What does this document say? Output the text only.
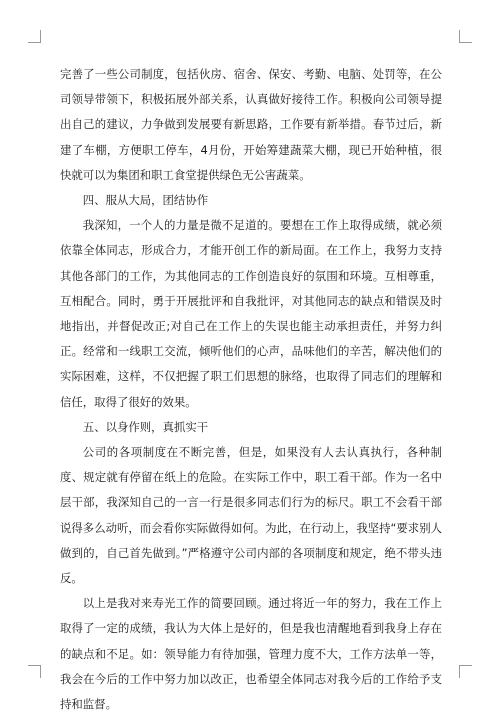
完善了一些公司制度，包括伙房、宿舍、保安、考勤、电脑、处罚等，在公司领导带领下，积极拓展外部关系，认真做好接待工作。积极向公司领导提出自己的建议，力争做到发展要有新思路，工作要有新举措。春节过后，新建了车棚，方便职工停车，4月份，开始筹建蔬菜大棚，现已开始种植，很快就可以为集团和职工食堂提供绿色无公害蔬菜。

四、服从大局，团结协作

我深知，一个人的力量是微不足道的。要想在工作上取得成绩，就必须依靠全体同志，形成合力，才能开创工作的新局面。在工作上，我努力支持其他各部门的工作，为其他同志的工作创造良好的氛围和环境。互相尊重，互相配合。同时，勇于开展批评和自我批评，对其他同志的缺点和错误及时地指出，并督促改正;对自己在工作上的失误也能主动承担责任，并努力纠正。经常和一线职工交流，倾听他们的心声，品味他们的辛苦，解决他们的实际困难，这样，不仅把握了职工们思想的脉络，也取得了同志们的理解和信任，取得了很好的效果。

五、以身作则，真抓实干

公司的各项制度在不断完善，但是，如果没有人去认真执行，各种制度、规定就有停留在纸上的危险。在实际工作中，职工看干部。作为一名中层干部，我深知自己的一言一行是很多同志们行为的标尺。职工不会看干部说得多么动听，而会看你实际做得如何。为此，在行动上，我坚持“要求别人做到的，自己首先做到。”严格遵守公司内部的各项制度和规定，绝不带头违反。

以上是我对来寿光工作的简要回顾。通过将近一年的努力，我在工作上取得了一定的成绩，我认为大体上是好的，但是我也清醒地看到我身上存在的缺点和不足。如：领导能力有待加强，管理力度不大，工作方法单一等，我会在今后的工作中努力加以改正，也希望全体同志对我今后的工作给予支持和监督。
